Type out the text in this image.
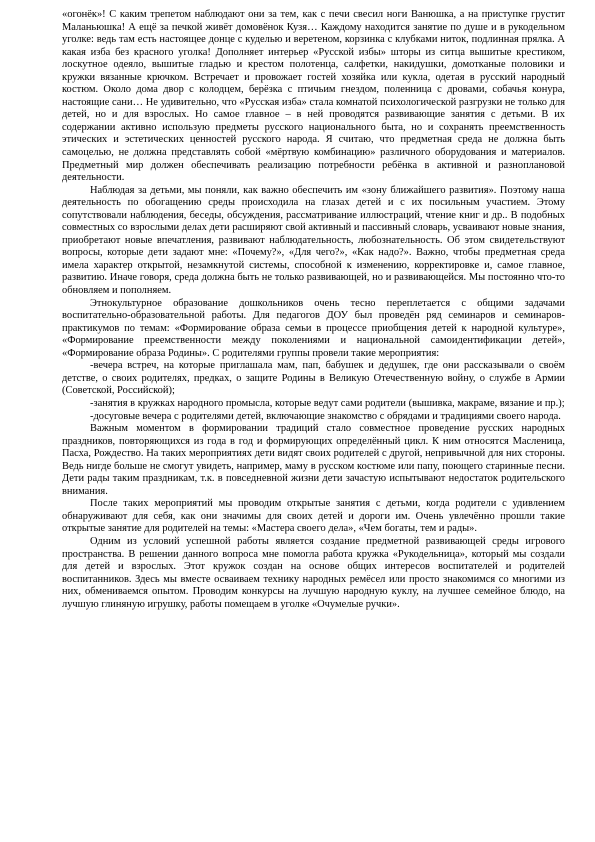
«огонёк»! С каким трепетом наблюдают они за тем, как с печи свесил ноги Ванюшка, а на приступке грустит Маланьюшка! А ещё за печкой живёт домовёнок Кузя… Каждому находится занятие по душе и в рукодельном уголке: ведь там есть настоящее донце с куделью и веретеном, корзинка с клубками ниток, подлинная прялка. А какая изба без красного уголка! Дополняет интерьер «Русской избы» шторы из ситца вышитые крестиком, лоскутное одеяло, вышитые гладью и крестом полотенца, салфетки, накидушки, домотканые половики и кружки вязанные крючком. Встречает и провожает гостей хозяйка или кукла, одетая в русский народный костюм. Около дома двор с колодцем, берёзка с птичьим гнездом, поленница с дровами, собачья конура, настоящие сани… Не удивительно, что «Русская изба» стала комнатой психологической разгрузки не только для детей, но и для взрослых. Но самое главное – в ней проводятся развивающие занятия с детьми. В их содержании активно использую предметы русского национального быта, но и сохранять преемственность этических и эстетических ценностей русского народа. Я считаю, что предметная среда не должна быть самоцелью, не должна представлять собой «мёртвую комбинацию» различного оборудования и материалов. Предметный мир должен обеспечивать реализацию потребности ребёнка в активной и разноплановой деятельности.

Наблюдая за детьми, мы поняли, как важно обеспечить им «зону ближайшего развития». Поэтому наша деятельность по обогащению среды происходила на глазах детей и с их посильным участием. Этому сопутствовали наблюдения, беседы, обсуждения, рассматривание иллюстраций, чтение книг и др.. В подобных совместных со взрослыми делах дети расширяют свой активный и пассивный словарь, усваивают новые знания, приобретают новые впечатления, развивают наблюдательность, любознательность. Об этом свидетельствуют вопросы, которые дети задают мне: «Почему?», «Для чего?», «Как надо?». Важно, чтобы предметная среда имела характер открытой, незамкнутой системы, способной к изменению, корректировке и, самое главное, развитию. Иначе говоря, среда должна быть не только развивающей, но и развивающейся. Мы постоянно что-то обновляем и пополняем.

Этнокультурное образование дошкольников очень тесно переплетается с общими задачами воспитательно-образовательной работы. Для педагогов ДОУ был проведён ряд семинаров и семинаров-практикумов по темам: «Формирование образа семьи в процессе приобщения детей к народной культуре», «Формирование преемственности между поколениями и национальной самоидентификации детей», «Формирование образа Родины». С родителями группы провели такие мероприятия:

-вечера встреч, на которые приглашала мам, пап, бабушек и дедушек, где они рассказывали о своём детстве, о своих родителях, предках, о защите Родины в Великую Отечественную войну, о службе в Армии (Советской, Российской);

-занятия в кружках народного промысла, которые ведут сами родители (вышивка, макраме, вязание и пр.);

-досуговые вечера с родителями детей, включающие знакомство с обрядами и традициями своего народа.

Важным моментом в формировании традиций стало совместное проведение русских народных праздников, повторяющихся из года в год и формирующих определённый цикл. К ним относятся Масленица, Пасха, Рождество. На таких мероприятиях дети видят своих родителей с другой, непривычной для них стороны. Ведь нигде больше не смогут увидеть, например, маму в русском костюме или папу, поющего старинные песни. Дети рады таким праздникам, т.к. в повседневной жизни дети зачастую испытывают недостаток родительского внимания.

После таких мероприятий мы проводим открытые занятия с детьми, когда родители с удивлением обнаруживают для себя, как они значимы для своих детей и дороги им. Очень увлечённо прошли такие открытые занятие для родителей на темы: «Мастера своего дела», «Чем богаты, тем и рады».

Одним из условий успешной работы является создание предметной развивающей среды игрового пространства. В решении данного вопроса мне помогла работа кружка «Рукодельница», который мы создали для детей и взрослых. Этот кружок создан на основе общих интересов воспитателей и родителей воспитанников. Здесь мы вместе осваиваем технику народных ремёсел или просто знакомимся со многими из них, обмениваемся опытом. Проводим конкурсы на лучшую народную куклу, на лучшее семейное блюдо, на лучшую глиняную игрушку, работы помещаем в уголке «Очумелые ручки».
